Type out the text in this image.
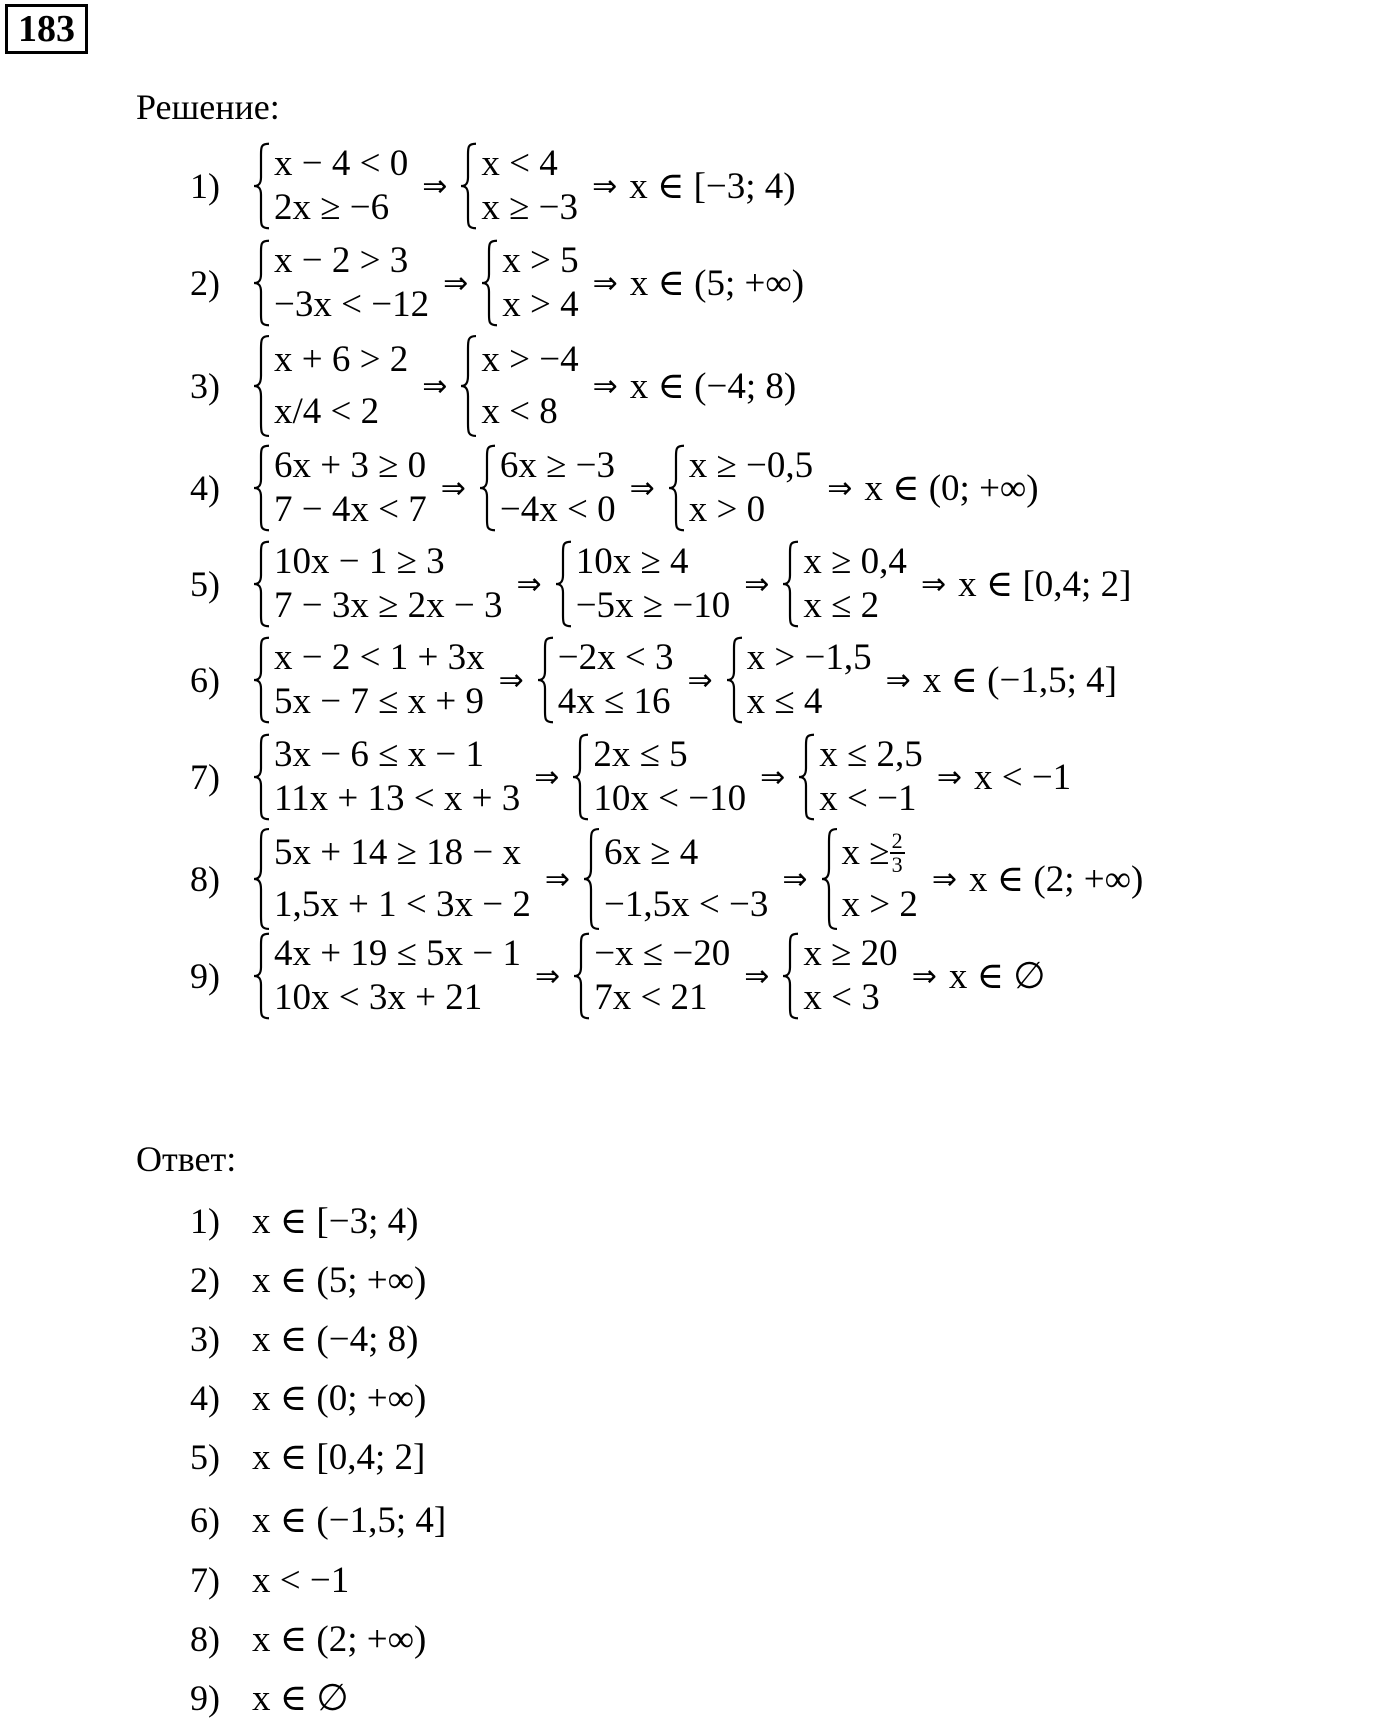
183
Решение:
1)
x − 4 < 0
2x ≥ −6
⇒
x < 4
x ≥ −3
⇒ x ∈ [−3; 4)
2)
x − 2 > 3
−3x < −12
⇒
x > 5
x > 4
⇒ x ∈ (5; +∞)
3)
x + 6 > 2
x/4 < 2
⇒
x > −4
x < 8
⇒ x ∈ (−4; 8)
4)
6x + 3 ≥ 0
7 − 4x < 7
⇒
6x ≥ −3
−4x < 0
⇒
x ≥ −0,5
x > 0
⇒ x ∈ (0; +∞)
5)
10x − 1 ≥ 3
7 − 3x ≥ 2x − 3
⇒
10x ≥ 4
−5x ≥ −10
⇒
x ≥ 0,4
x ≤ 2
⇒ x ∈ [0,4; 2]
6)
x − 2 < 1 + 3x
5x − 7 ≤ x + 9
⇒
−2x < 3
4x ≤ 16
⇒
x > −1,5
x ≤ 4
⇒ x ∈ (−1,5; 4]
7)
3x − 6 ≤ x − 1
11x + 13 < x + 3
⇒
2x ≤ 5
10x < −10
⇒
x ≤ 2,5
x < −1
⇒ x < −1
8)
5x + 14 ≥ 18 − x
1,5x + 1 < 3x − 2
⇒
6x ≥ 4
−1,5x < −3
⇒
$x \ge \frac{2}{3}$
x > 2
⇒ x ∈ (2; +∞)
9)
4x + 19 ≤ 5x − 1
10x < 3x + 21
⇒
−x ≤ −20
7x < 21
⇒
x ≥ 20
x < 3
⇒ x ∈ ∅
Ответ:
1) x ∈ [−3; 4)
2) x ∈ (5; +∞)
3) x ∈ (−4; 8)
4) x ∈ (0; +∞)
5) x ∈ [0,4; 2]
6) x ∈ (−1,5; 4]
7) x < −1
8) x ∈ (2; +∞)
9) x ∈ ∅
